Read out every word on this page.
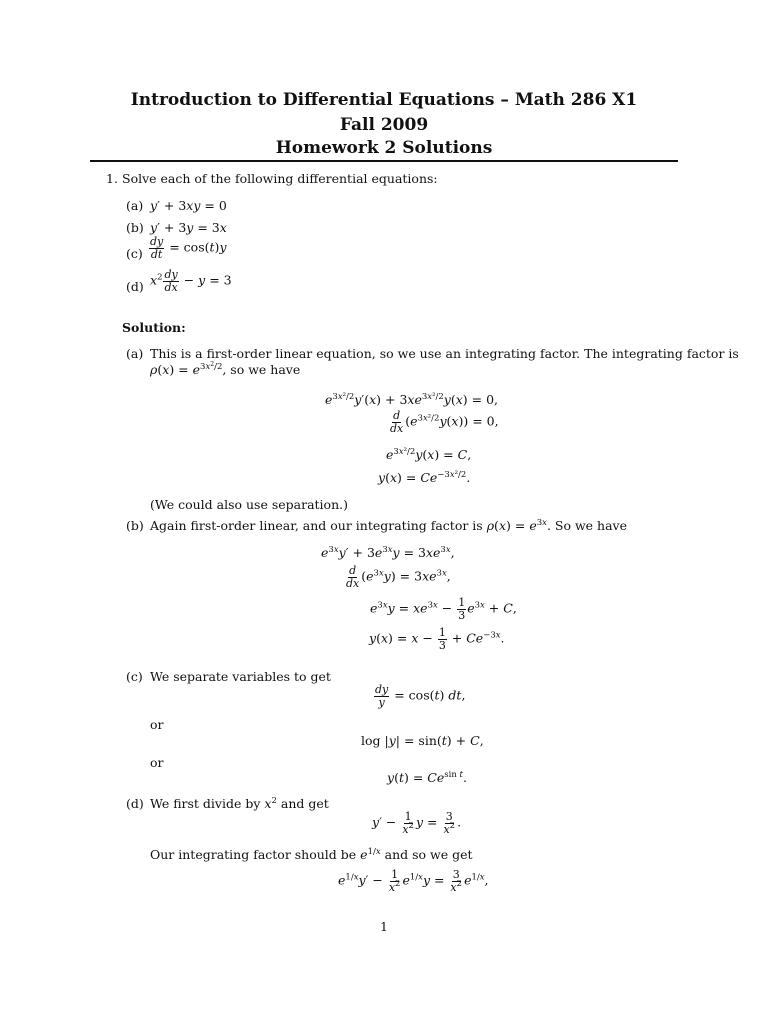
Introduction to Differential Equations – Math 286 X1
Fall 2009
Homework 2 Solutions
1. Solve each of the following differential equations:
(a) y′ + 3xy = 0
(b) y′ + 3y = 3x
$(c) \frac{dy}{dt} = \cos(t)y$
(d) $x^2 \frac{dy}{dx} - y = 3$
Solution:
(a) This is a first-order linear equation, so we use an integrating factor. The integrating factor is
$\rho(x) = e^{3x^2/2}$, so we have
$e^{3x^2/2}y'(x) + 3xe^{3x^2/2}y(x) = 0$,
$\frac{d}{dx} (e^{3x^2/2}y(x)) = 0$,
$e^{3x^2/2}y(x) = C$,
$y(x) = Ce^{-3x^2/2}$.
(We could also use separation.)
(b) Again first-order linear, and our integrating factor is $\rho(x) = e^{3x}$. So we have
$e^{3x}y' + 3e^{3x}y = 3xe^{3x}$,
$\frac{d}{dx} (e^{3x}y) = 3xe^{3x}$,
$e^{3x}y = xe^{3x} - \frac{1}{3} e^{3x} + C$,
$y(x) = x - \frac{1}{3} + Ce^{-3x}$.
(c) We separate variables to get
$\frac{dy}{y} = \cos(t)$ dt,
or
log |y| = sin(t) + C,
or
$y(t) = Ce^{sin t}$.
(d) We first divide by $x^2$ and get
$y' - \frac{1}{x^2}$ $y = \frac{3}{x^2}$ .
Our integrating factor should be $e^{1/x}$ and so we get
$e^{1/x}y' - \frac{1}{x^2} e^{1/x}y = \frac{3}{x^2} e^{1/x}$,
1
